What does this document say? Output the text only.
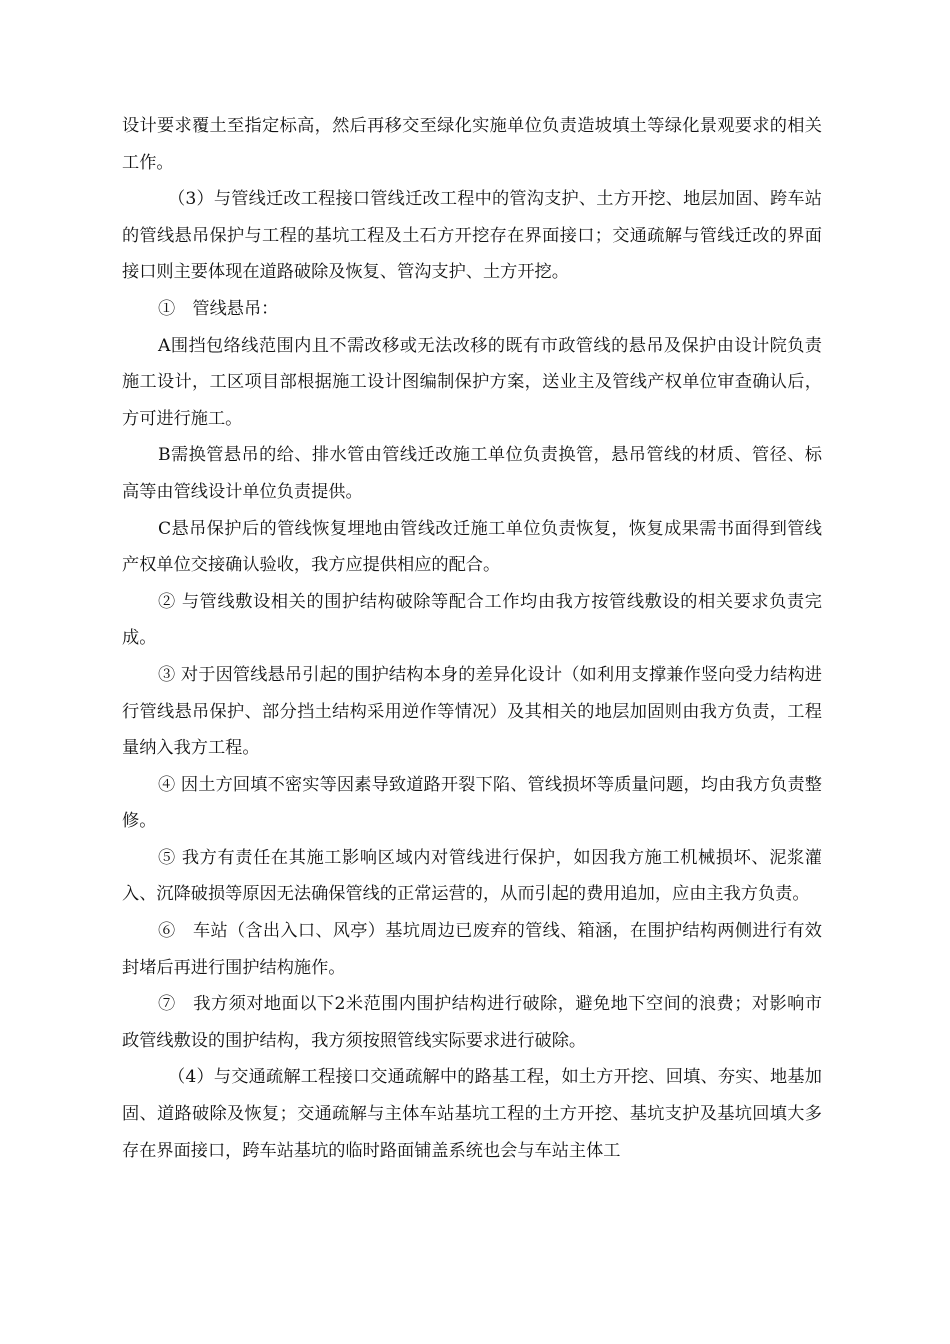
设计要求覆土至指定标高，然后再移交至绿化实施单位负责造坡填土等绿化景观要求的相关工作。

（3）与管线迁改工程接口管线迁改工程中的管沟支护、土方开挖、地层加固、跨车站的管线悬吊保护与工程的基坑工程及土石方开挖存在界面接口；交通疏解与管线迁改的界面接口则主要体现在道路破除及恢复、管沟支护、土方开挖。

①　管线悬吊：

A围挡包络线范围内且不需改移或无法改移的既有市政管线的悬吊及保护由设计院负责施工设计，工区项目部根据施工设计图编制保护方案，送业主及管线产权单位审查确认后，方可进行施工。

B需换管悬吊的给、排水管由管线迁改施工单位负责换管，悬吊管线的材质、管径、标高等由管线设计单位负责提供。

C悬吊保护后的管线恢复埋地由管线改迁施工单位负责恢复，恢复成果需书面得到管线产权单位交接确认验收，我方应提供相应的配合。

② 与管线敷设相关的围护结构破除等配合工作均由我方按管线敷设的相关要求负责完成。

③ 对于因管线悬吊引起的围护结构本身的差异化设计（如利用支撑兼作竖向受力结构进行管线悬吊保护、部分挡土结构采用逆作等情况）及其相关的地层加固则由我方负责，工程量纳入我方工程。

④ 因土方回填不密实等因素导致道路开裂下陷、管线损坏等质量问题，均由我方负责整修。

⑤ 我方有责任在其施工影响区域内对管线进行保护，如因我方施工机械损坏、泥浆灌入、沉降破损等原因无法确保管线的正常运营的，从而引起的费用追加，应由主我方负责。

⑥　车站（含出入口、风亭）基坑周边已废弃的管线、箱涵，在围护结构两侧进行有效封堵后再进行围护结构施作。

⑦　我方须对地面以下2米范围内围护结构进行破除，避免地下空间的浪费；对影响市政管线敷设的围护结构，我方须按照管线实际要求进行破除。

（4）与交通疏解工程接口交通疏解中的路基工程，如土方开挖、回填、夯实、地基加固、道路破除及恢复；交通疏解与主体车站基坑工程的土方开挖、基坑支护及基坑回填大多存在界面接口，跨车站基坑的临时路面铺盖系统也会与车站主体工
